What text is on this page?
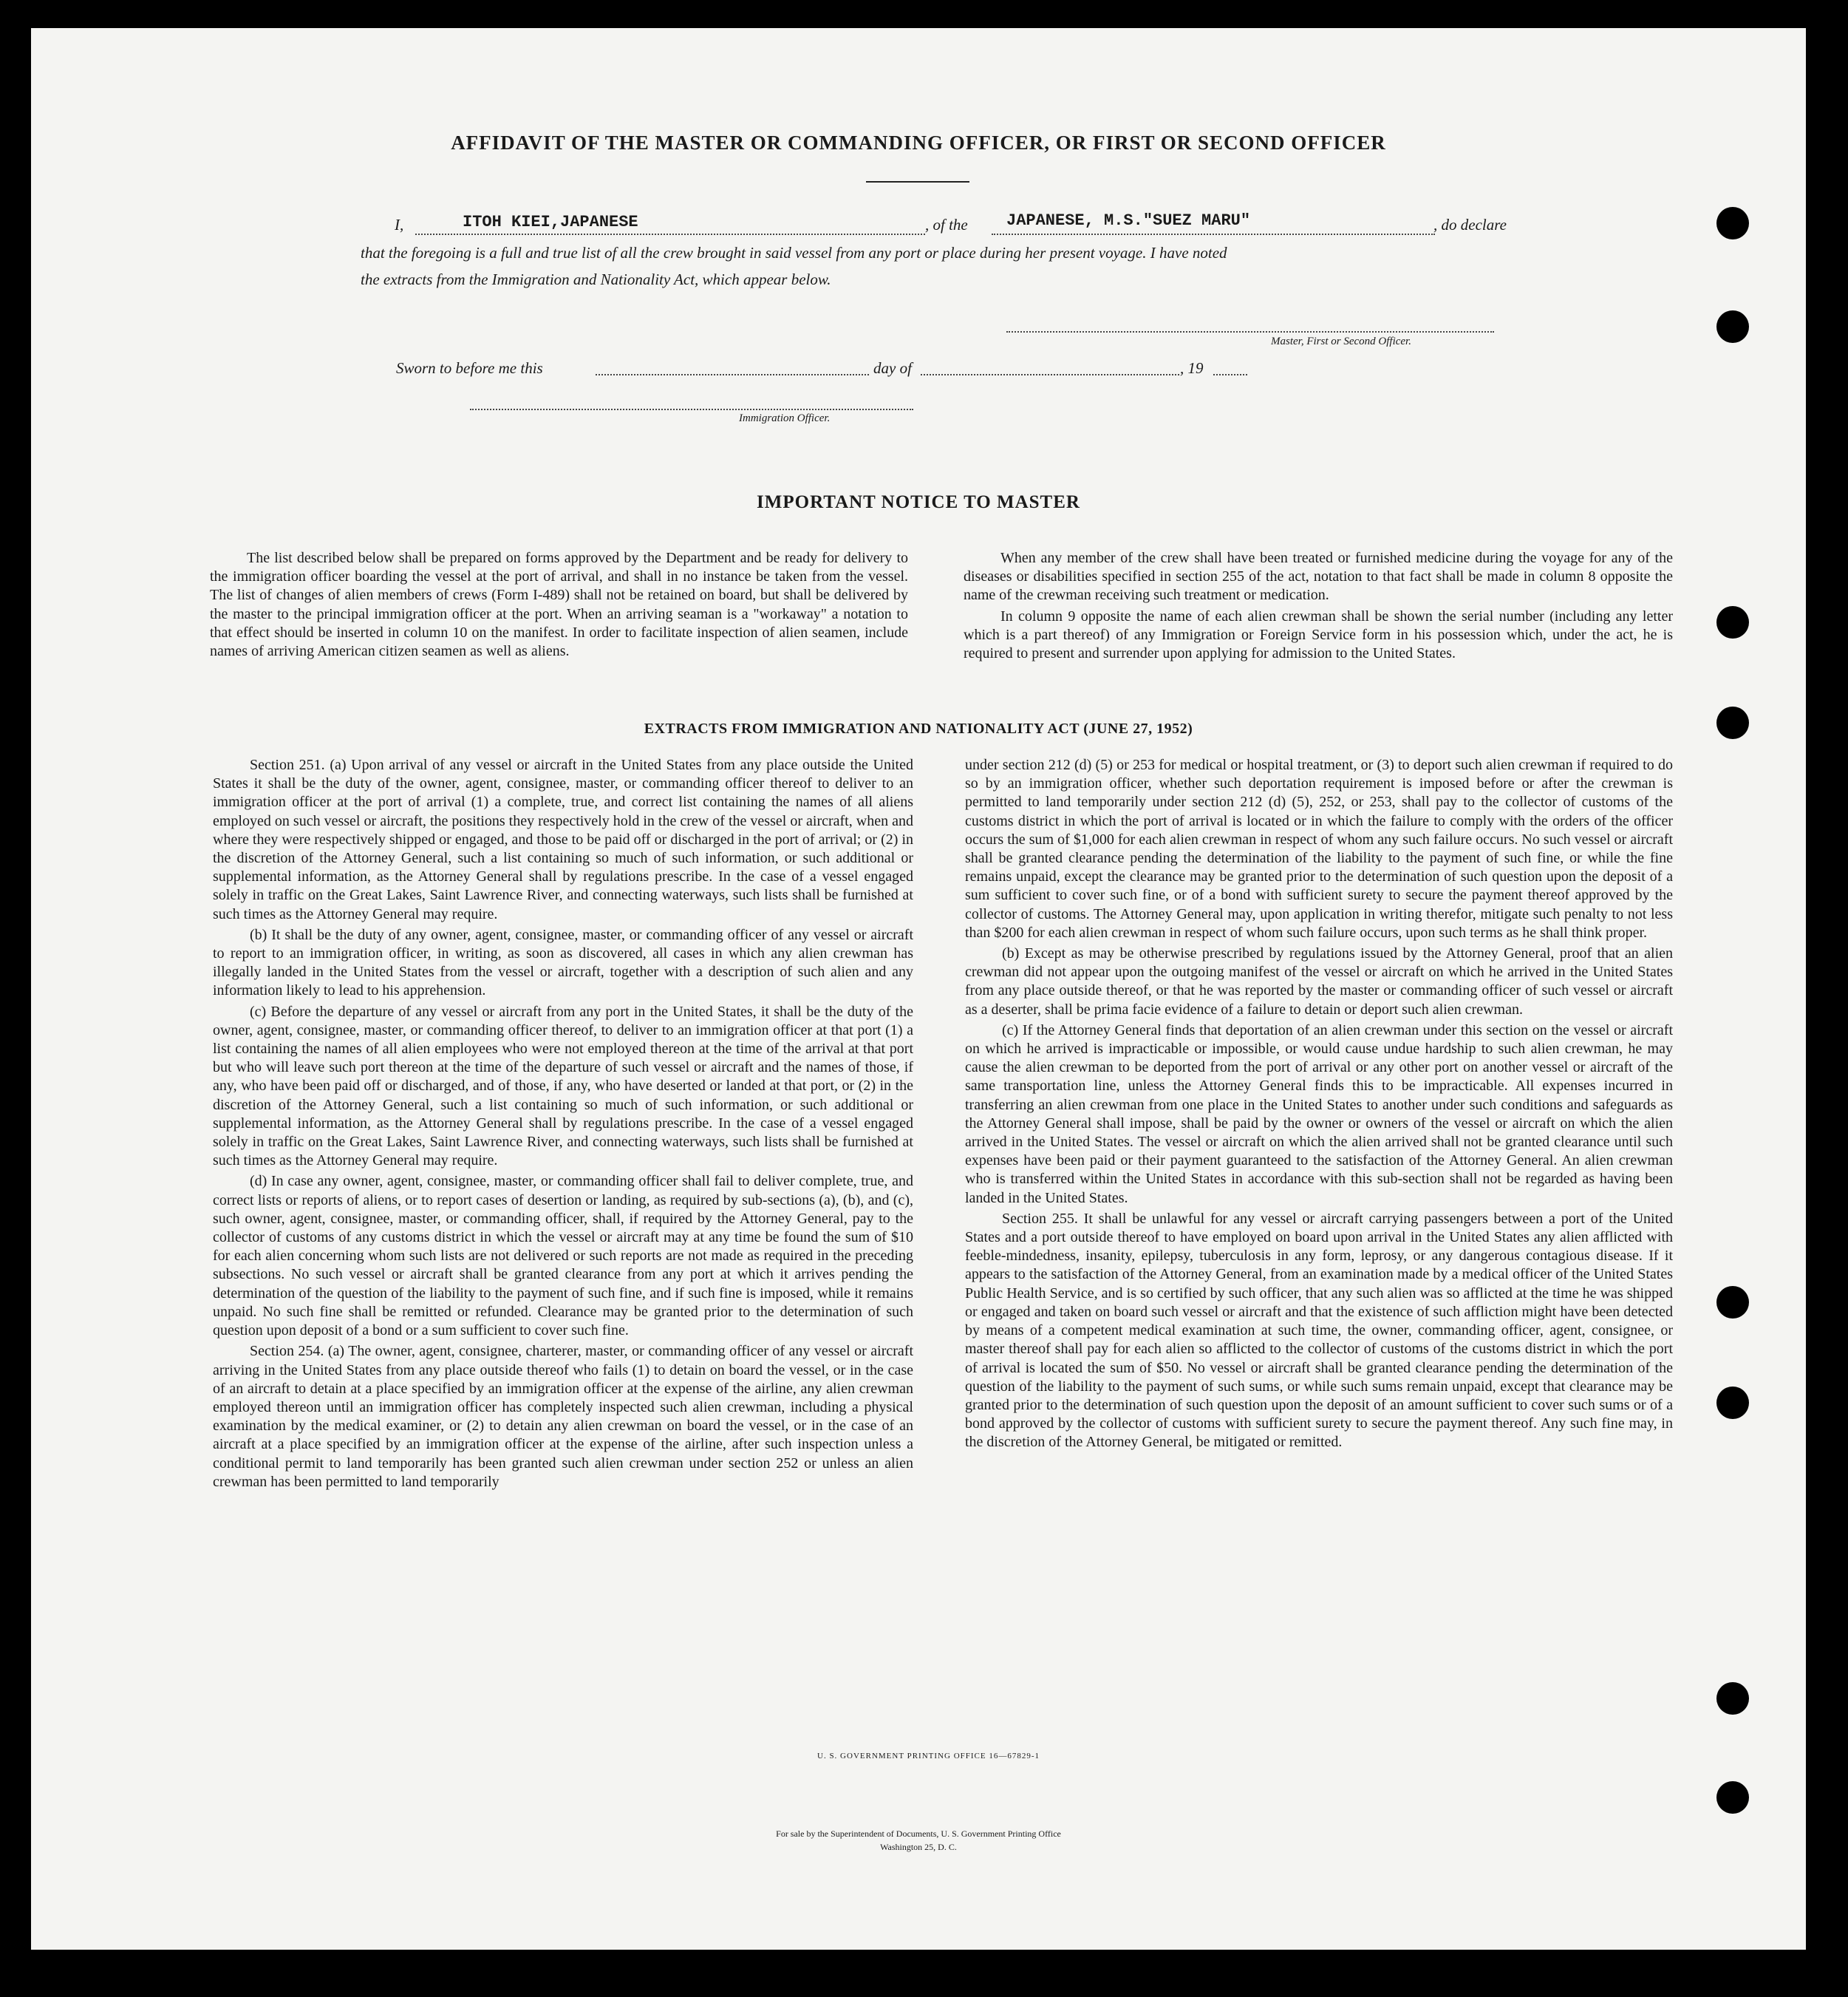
AFFIDAVIT OF THE MASTER OR COMMANDING OFFICER, OR FIRST OR SECOND OFFICER
I,	ITOH KIEI,JAPANESE	, of the JAPANESE, M.S."SUEZ MARU"	, do declare
that the foregoing is a full and true list of all the crew brought in said vessel from any port or place during her present voyage. I have noted
the extracts from the Immigration and Nationality Act, which appear below.
Master, First or Second Officer.
Sworn to before me this	day of	, 19
Immigration Officer.
IMPORTANT NOTICE TO MASTER

The list described below shall be prepared on forms approved by the Department and be ready for delivery to the immigration officer boarding the vessel at the port of arrival, and shall in no instance be taken from the vessel. The list of changes of alien members of crews (Form I-489) shall not be retained on board, but shall be delivered by the master to the principal immigration officer at the port. When an arriving seaman is a "workaway" a notation to that effect should be inserted in column 10 on the manifest. In order to facilitate inspection of alien seamen, include names of arriving American citizen seamen as well as aliens.

When any member of the crew shall have been treated or furnished medicine during the voyage for any of the diseases or disabilities specified in section 255 of the act, notation to that fact shall be made in column 8 opposite the name of the crewman receiving such treatment or medication.

In column 9 opposite the name of each alien crewman shall be shown the serial number (including any letter which is a part thereof) of any Immigration or Foreign Service form in his possession which, under the act, he is required to present and surrender upon applying for admission to the United States.

EXTRACTS FROM IMMIGRATION AND NATIONALITY ACT (JUNE 27, 1952)

Section 251. (a) Upon arrival of any vessel or aircraft in the United States from any place outside the United States it shall be the duty of the owner, agent, consignee, master, or commanding officer thereof to deliver to an immigration officer at the port of arrival (1) a complete, true, and correct list containing the names of all aliens employed on such vessel or aircraft, the positions they respectively hold in the crew of the vessel or aircraft, when and where they were respectively shipped or engaged, and those to be paid off or discharged in the port of arrival; or (2) in the discretion of the Attorney General, such a list containing so much of such information, or such additional or supplemental information, as the Attorney General shall by regulations prescribe. In the case of a vessel engaged solely in traffic on the Great Lakes, Saint Lawrence River, and connecting waterways, such lists shall be furnished at such times as the Attorney General may require.

(b) It shall be the duty of any owner, agent, consignee, master, or commanding officer of any vessel or aircraft to report to an immigration officer, in writing, as soon as discovered, all cases in which any alien crewman has illegally landed in the United States from the vessel or aircraft, together with a description of such alien and any information likely to lead to his apprehension.

(c) Before the departure of any vessel or aircraft from any port in the United States, it shall be the duty of the owner, agent, consignee, master, or commanding officer thereof, to deliver to an immigration officer at that port (1) a list containing the names of all alien employees who were not employed thereon at the time of the arrival at that port but who will leave such port thereon at the time of the departure of such vessel or aircraft and the names of those, if any, who have been paid off or discharged, and of those, if any, who have deserted or landed at that port, or (2) in the discretion of the Attorney General, such a list containing so much of such information, or such additional or supplemental information, as the Attorney General shall by regulations prescribe. In the case of a vessel engaged solely in traffic on the Great Lakes, Saint Lawrence River, and connecting waterways, such lists shall be furnished at such times as the Attorney General may require.

(d) In case any owner, agent, consignee, master, or commanding officer shall fail to deliver complete, true, and correct lists or reports of aliens, or to report cases of desertion or landing, as required by sub-sections (a), (b), and (c), such owner, agent, consignee, master, or commanding officer, shall, if required by the Attorney General, pay to the collector of customs of any customs district in which the vessel or aircraft may at any time be found the sum of $10 for each alien concerning whom such lists are not delivered or such reports are not made as required in the preceding subsections. No such vessel or aircraft shall be granted clearance from any port at which it arrives pending the determination of the question of the liability to the payment of such fine, and if such fine is imposed, while it remains unpaid. No such fine shall be remitted or refunded. Clearance may be granted prior to the determination of such question upon deposit of a bond or a sum sufficient to cover such fine.

Section 254. (a) The owner, agent, consignee, charterer, master, or commanding officer of any vessel or aircraft arriving in the United States from any place outside thereof who fails (1) to detain on board the vessel, or in the case of an aircraft to detain at a place specified by an immigration officer at the expense of the airline, any alien crewman employed thereon until an immigration officer has completely inspected such alien crewman, including a physical examination by the medical examiner, or (2) to detain any alien crewman on board the vessel, or in the case of an aircraft at a place specified by an immigration officer at the expense of the airline, after such inspection unless a conditional permit to land temporarily has been granted such alien crewman under section 252 or unless an alien crewman has been permitted to land temporarily

under section 212 (d) (5) or 253 for medical or hospital treatment, or (3) to deport such alien crewman if required to do so by an immigration officer, whether such deportation requirement is imposed before or after the crewman is permitted to land temporarily under section 212 (d) (5), 252, or 253, shall pay to the collector of customs of the customs district in which the port of arrival is located or in which the failure to comply with the orders of the officer occurs the sum of $1,000 for each alien crewman in respect of whom any such failure occurs. No such vessel or aircraft shall be granted clearance pending the determination of the liability to the payment of such fine, or while the fine remains unpaid, except the clearance may be granted prior to the determination of such question upon the deposit of a sum sufficient to cover such fine, or of a bond with sufficient surety to secure the payment thereof approved by the collector of customs. The Attorney General may, upon application in writing therefor, mitigate such penalty to not less than $200 for each alien crewman in respect of whom such failure occurs, upon such terms as he shall think proper.

(b) Except as may be otherwise prescribed by regulations issued by the Attorney General, proof that an alien crewman did not appear upon the outgoing manifest of the vessel or aircraft on which he arrived in the United States from any place outside thereof, or that he was reported by the master or commanding officer of such vessel or aircraft as a deserter, shall be prima facie evidence of a failure to detain or deport such alien crewman.

(c) If the Attorney General finds that deportation of an alien crewman under this section on the vessel or aircraft on which he arrived is impracticable or impossible, or would cause undue hardship to such alien crewman, he may cause the alien crewman to be deported from the port of arrival or any other port on another vessel or aircraft of the same transportation line, unless the Attorney General finds this to be impracticable. All expenses incurred in transferring an alien crewman from one place in the United States to another under such conditions and safeguards as the Attorney General shall impose, shall be paid by the owner or owners of the vessel or aircraft on which the alien arrived in the United States. The vessel or aircraft on which the alien arrived shall not be granted clearance until such expenses have been paid or their payment guaranteed to the satisfaction of the Attorney General. An alien crewman who is transferred within the United States in accordance with this sub-section shall not be regarded as having been landed in the United States.

Section 255. It shall be unlawful for any vessel or aircraft carrying passengers between a port of the United States and a port outside thereof to have employed on board upon arrival in the United States any alien afflicted with feeble-mindedness, insanity, epilepsy, tuberculosis in any form, leprosy, or any dangerous contagious disease. If it appears to the satisfaction of the Attorney General, from an examination made by a medical officer of the United States Public Health Service, and is so certified by such officer, that any such alien was so afflicted at the time he was shipped or engaged and taken on board such vessel or aircraft and that the existence of such affliction might have been detected by means of a competent medical examination at such time, the owner, commanding officer, agent, consignee, or master thereof shall pay for each alien so afflicted to the collector of customs of the customs district in which the port of arrival is located the sum of $50. No vessel or aircraft shall be granted clearance pending the determination of the question of the liability to the payment of such sums, or while such sums remain unpaid, except that clearance may be granted prior to the determination of such question upon the deposit of an amount sufficient to cover such sums or of a bond approved by the collector of customs with sufficient surety to secure the payment thereof. Any such fine may, in the discretion of the Attorney General, be mitigated or remitted.

U. S. GOVERNMENT PRINTING OFFICE 16—67829-1
For sale by the Superintendent of Documents, U. S. Government Printing Office
Washington 25, D. C.
